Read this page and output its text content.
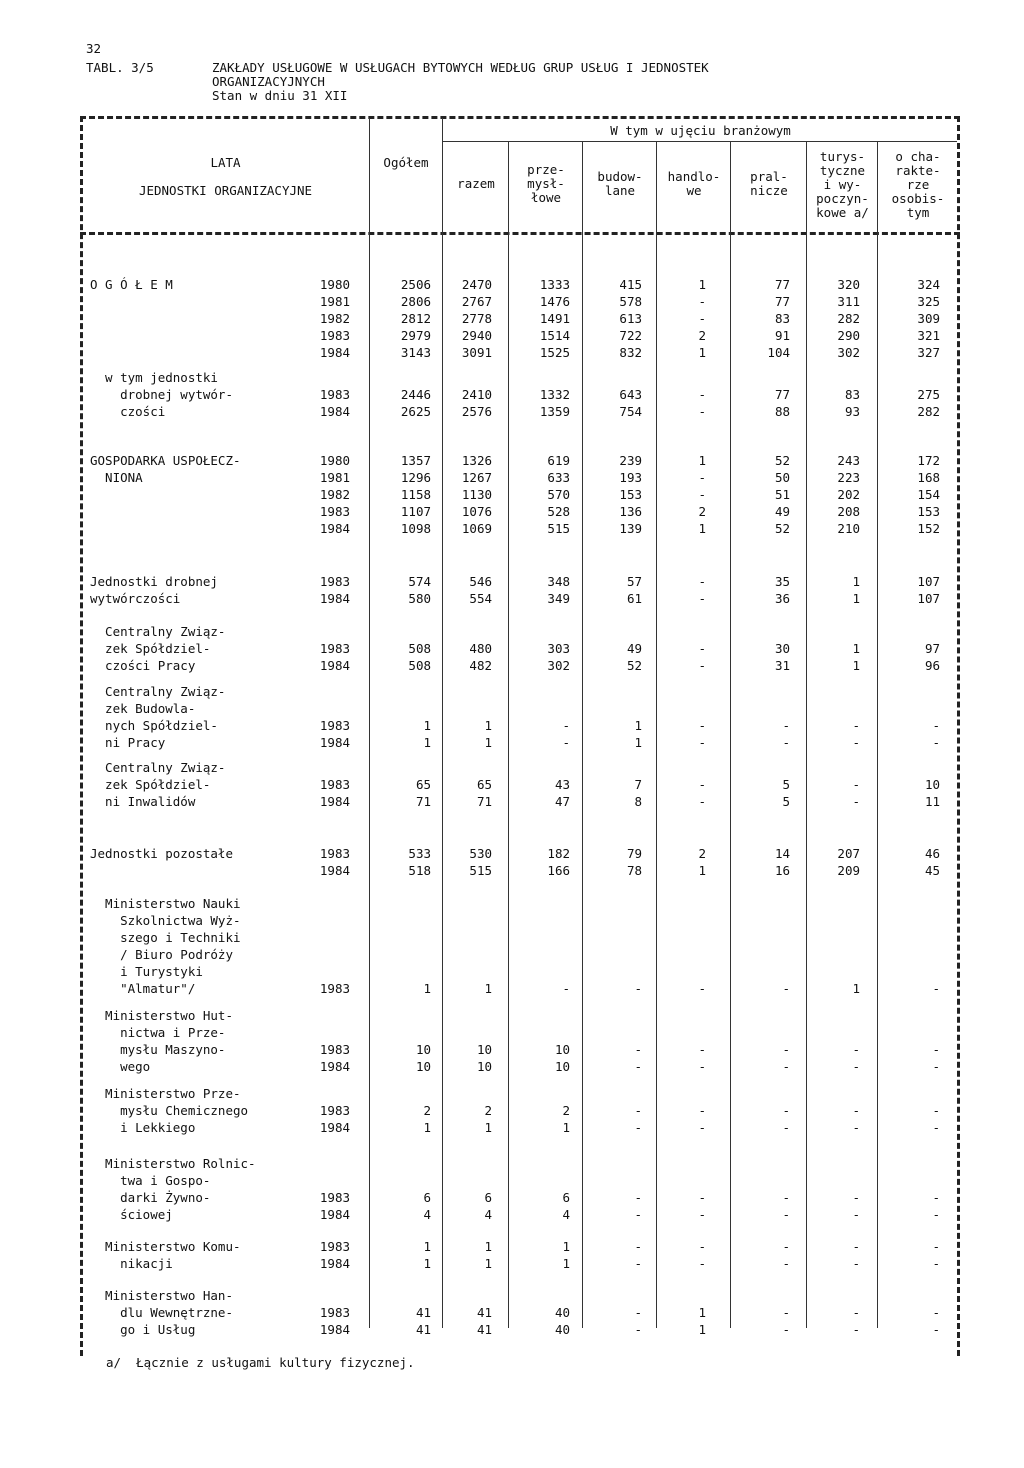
32
TABL. 3/5	ZAKŁADY USŁUGOWE W USŁUGACH BYTOWYCH WEDŁUG GRUP USŁUG I JEDNOSTEK
ORGANIZACYJNYCH
Stan w dniu 31 XII
LATA

JEDNOSTKI ORGANIZACYJNE
Ogółem
W tym w ujęciu branżowym
razem
prze-
mysł-
łowe
budow-
lane
handlo-
we
pral-
nicze
turys-
tyczne
i wy-
poczyn-
kowe a/
o cha-
rakte-
rze
osobis-
tym
O G Ó Ł E M	1980	2506	2470	1333	415	1	77	320	324
1981	2806	2767	1476	578	-	77	311	325
1982	2812	2778	1491	613	-	83	282	309
1983	2979	2940	1514	722	2	91	290	321
1984	3143	3091	1525	832	1	104	302	327
w tym jednostki
drobnej wytwór-	1983	2446	2410	1332	643	-	77	83	275
czości	1984	2625	2576	1359	754	-	88	93	282
GOSPODARKA USPOŁECZ-	1980	1357	1326	619	239	1	52	243	172
NIONA	1981	1296	1267	633	193	-	50	223	168
1982	1158	1130	570	153	-	51	202	154
1983	1107	1076	528	136	2	49	208	153
1984	1098	1069	515	139	1	52	210	152
Jednostki drobnej	1983	574	546	348	57	-	35	1	107
wytwórczości	1984	580	554	349	61	-	36	1	107
Centralny Związ-
zek Spółdziel-	1983	508	480	303	49	-	30	1	97
czości Pracy	1984	508	482	302	52	-	31	1	96
Centralny Związ-
zek Budowla-
nych Spółdziel-	1983	1	1	-	1	-	-	-	-
ni Pracy	1984	1	1	-	1	-	-	-	-
Centralny Związ-
zek Spółdziel-	1983	65	65	43	7	-	5	-	10
ni Inwalidów	1984	71	71	47	8	-	5	-	11
Jednostki pozostałe	1983	533	530	182	79	2	14	207	46
1984	518	515	166	78	1	16	209	45
Ministerstwo Nauki
Szkolnictwa Wyż-
szego i Techniki
/ Biuro Podróży
i Turystyki
"Almatur"/	1983	1	1	-	-	-	-	1	-
Ministerstwo Hut-
nictwa i Prze-
mysłu Maszyno-	1983	10	10	10	-	-	-	-	-
wego	1984	10	10	10	-	-	-	-	-
Ministerstwo Prze-
mysłu Chemicznego	1983	2	2	2	-	-	-	-	-
i Lekkiego	1984	1	1	1	-	-	-	-	-
Ministerstwo Rolnic-
twa i Gospo-
darki Żywno-	1983	6	6	6	-	-	-	-	-
ściowej	1984	4	4	4	-	-	-	-	-
Ministerstwo Komu-	1983	1	1	1	-	-	-	-	-
nikacji	1984	1	1	1	-	-	-	-	-
Ministerstwo Han-
dlu Wewnętrzne-	1983	41	41	40	-	1	-	-	-
go i Usług	1984	41	41	40	-	1	-	-	-
a/  Łącznie z usługami kultury fizycznej.
